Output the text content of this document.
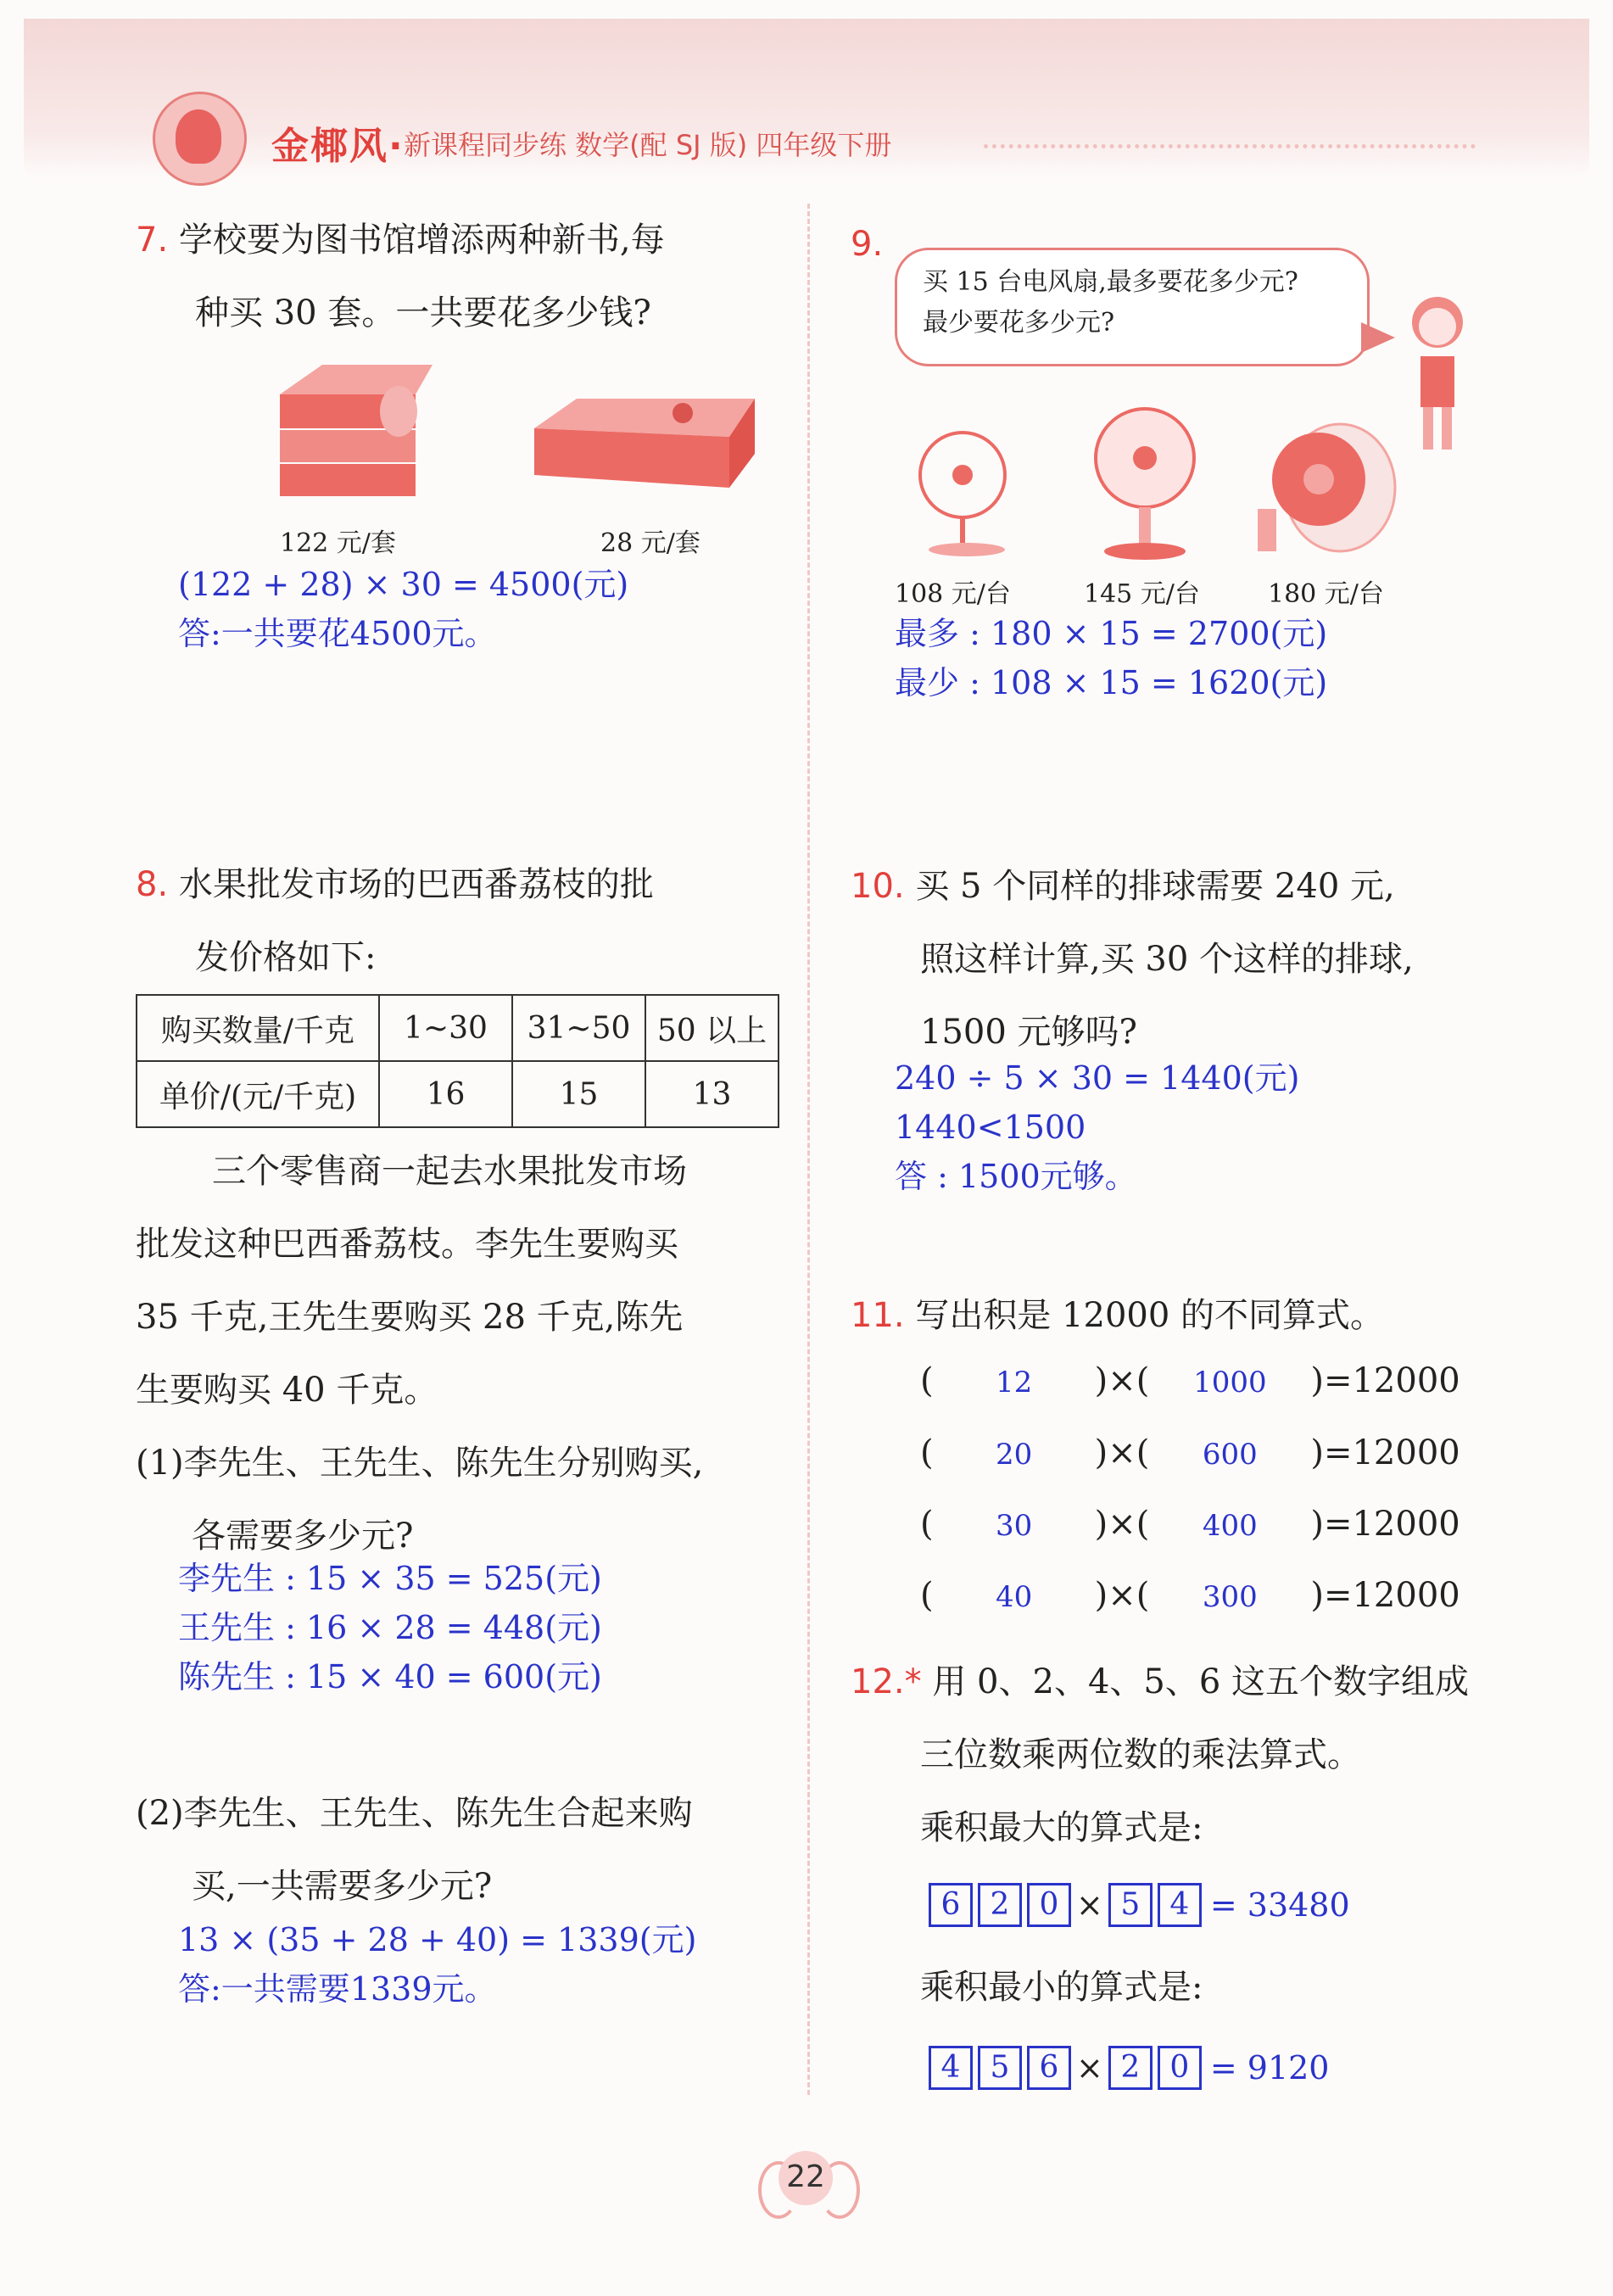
金椰风· 新课程同步练 数学(配 SJ 版) 四年级下册
7. 学校要为图书馆增添两种新书,每
种买 30 套。一共要花多少钱?
122 元/套	28 元/套
(122 + 28) × 30 = 4500(元)
答:一共要花4500元。
8. 水果批发市场的巴西番荔枝的批
发价格如下:
购买数量/千克	1~30	31~50	50 以上
单价/(元/千克)	16	15	13
三个零售商一起去水果批发市场
批发这种巴西番荔枝。李先生要购买
35 千克,王先生要购买 28 千克,陈先
生要购买 40 千克。
(1)李先生、王先生、陈先生分别购买,
各需要多少元?
李先生 : 15 × 35 = 525(元)
王先生 : 16 × 28 = 448(元)
陈先生 : 15 × 40 = 600(元)
(2)李先生、王先生、陈先生合起来购
买,一共需要多少元?
13 × (35 + 28 + 40) = 1339(元)
答:一共需要1339元。
9.
买 15 台电风扇,最多要花多少元?
最少要花多少元?
108 元/台	145 元/台	180 元/台
最多 : 180 × 15 = 2700(元)
最少 : 108 × 15 = 1620(元)
10. 买 5 个同样的排球需要 240 元,
照这样计算,买 30 个这样的排球,
1500 元够吗?
240 ÷ 5 × 30 = 1440(元)
1440<1500
答 : 1500元够。
11. 写出积是 12000 的不同算式。
( 12 )×( 1000 )=12000
( 20 )×( 600 )=12000
( 30 )×( 400 )=12000
( 40 )×( 300 )=12000
12.* 用 0、2、4、5、6 这五个数字组成
三位数乘两位数的乘法算式。
乘积最大的算式是:
6 2 0 × 5 4 = 33480
乘积最小的算式是:
4 5 6 × 2 0 = 9120
22
